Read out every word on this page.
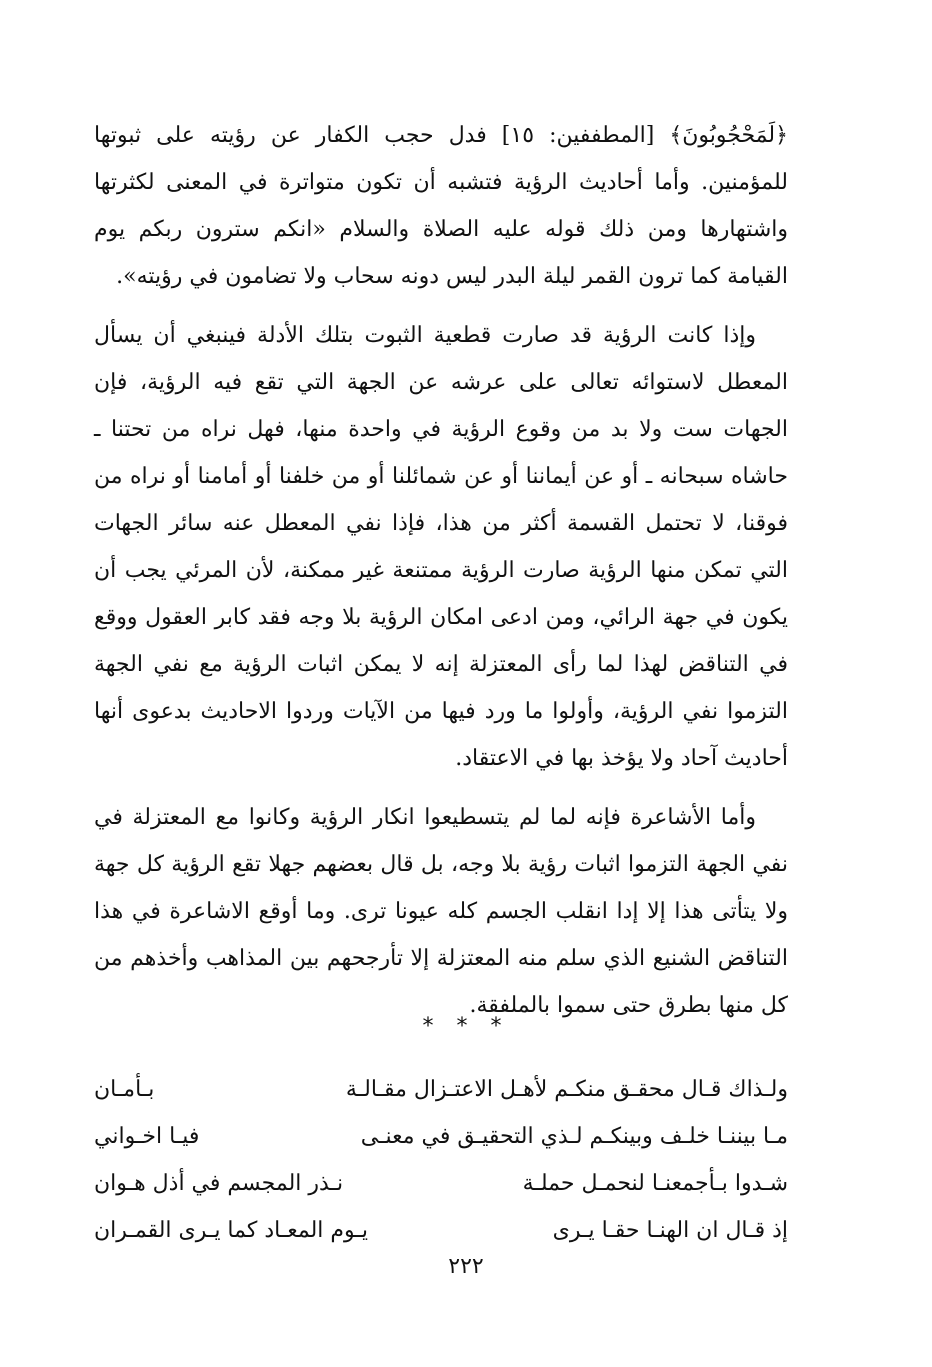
﴿لَمَحْجُوبُونَ﴾ [المطففين: ١٥] فدل حجب الكفار عن رؤيته على ثبوتها للمؤمنين. وأما أحاديث الرؤية فتشبه أن تكون متواترة في المعنى لكثرتها واشتهارها ومن ذلك قوله عليه الصلاة والسلام «انكم سترون ربكم يوم القيامة كما ترون القمر ليلة البدر ليس دونه سحاب ولا تضامون في رؤيته».

وإذا كانت الرؤية قد صارت قطعية الثبوت بتلك الأدلة فينبغي أن يسأل المعطل لاستوائه تعالى على عرشه عن الجهة التي تقع فيه الرؤية، فإن الجهات ست ولا بد من وقوع الرؤية في واحدة منها، فهل نراه من تحتنا ـ حاشاه سبحانه ـ أو عن أيماننا أو عن شمائلنا أو من خلفنا أو أمامنا أو نراه من فوقنا، لا تحتمل القسمة أكثر من هذا، فإذا نفي المعطل عنه سائر الجهات التي تمكن منها الرؤية صارت الرؤية ممتنعة غير ممكنة، لأن المرئي يجب أن يكون في جهة الرائي، ومن ادعى امكان الرؤية بلا وجه فقد كابر العقول ووقع في التناقض لهذا لما رأى المعتزلة إنه لا يمكن اثبات الرؤية مع نفي الجهة التزموا نفي الرؤية، وأولوا ما ورد فيها من الآيات وردوا الاحاديث بدعوى أنها أحاديث آحاد ولا يؤخذ بها في الاعتقاد.

وأما الأشاعرة فإنه لما لم يتسطيعوا انكار الرؤية وكانوا مع المعتزلة في نفي الجهة التزموا اثبات رؤية بلا وجه، بل قال بعضهم جهلا تقع الرؤية كل جهة ولا يتأتى هذا إلا إدا انقلب الجسم كله عيونا ترى. وما أوقع الاشاعرة في هذا التناقض الشنيع الذي سلم منه المعتزلة إلا تأرجحهم بين المذاهب وأخذهم من كل منها بطرق حتى سموا بالملفقة.

* * *
ولـذاك قـال محقـق منكـم لأهـل الاعتـزال مقـالـة
بـأمـان
مـا بيننـا خلـف وبينكـم لـذي التحقيـق في معنـى
فيـا اخـواني
شـدوا بـأجمعنـا لنحمـل حملـة
نـذر المجسم في أذل هـوان
إذ قـال ان الهنـا حقـا يـرى
يـوم المعـاد كما يـرى القمـران
٢٢٢
